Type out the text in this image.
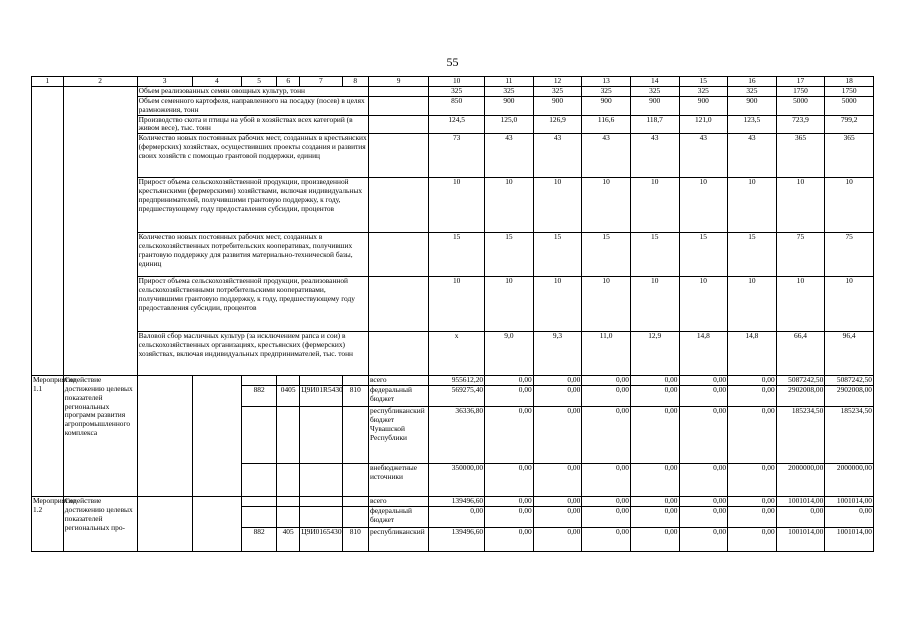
55
1	2	3	4	5	6	7	8	9	10	11	12	13	14	15	16	17	18
		Объем реализованных семян овощных культур, тонн							325	325	325	325	325	325	325	1750	1750
		Объем семенного картофеля, направленного на посадку (посев) в целях размножения, тонн							850	900	900	900	900	900	900	5000	5000
		Производство скота и птицы на убой в хозяйствах всех категорий (в живом весе), тыс. тонн							124,5	125,0	126,9	116,6	118,7	121,0	123,5	723,9	799,2
		Количество новых постоянных рабочих мест, созданных в крестьянских (фермерских) хозяйствах, осуществивших проекты создания и развития своих хозяйств с помощью грантовой поддержки, единиц							73	43	43	43	43	43	43	365	365
		Прирост объема сельскохозяйственной продукции, произведенной крестьянскими (фермерскими) хозяйствами, включая индивидуальных предпринимателей, получившими грантовую поддержку, к году, предшествующему году предоставления субсидии, процентов							10	10	10	10	10	10	10	10	10
		Количество новых постоянных рабочих мест, созданных в сельскохозяйственных потребительских кооперативах, получивших грантовую поддержку для развития материально-технической базы, единиц							15	15	15	15	15	15	15	75	75
		Прирост объема сельскохозяйственной продукции, реализованной сельскохозяйственными потребительскими кооперативами, получившими грантовую поддержку, к году, предшествующему году предоставления субсидии, процентов							10	10	10	10	10	10	10	10	10
		Валовой сбор масличных культур (за исключением рапса и сои) в сельскохозяйственных организациях, крестьянских (фермерских) хозяйствах, включая индивидуальных предпринимателей, тыс. тонн							x	9,0	9,3	11,0	12,9	14,8	14,8	66,4	96,4
Мероприятие 1.1	Содействие достижению целевых показателей региональных программ развития агропромышленного комплекса							всего	955612,20	0,00	0,00	0,00	0,00	0,00	0,00	5087242,50	5087242,50
				882	0405	Ц9И01R5430	810	федеральный бюджет	569275,40	0,00	0,00	0,00	0,00	0,00	0,00	2902008,00	2902008,00
								республиканский бюджет Чувашской Республики	36336,80	0,00	0,00	0,00	0,00	0,00	0,00	185234,50	185234,50
								внебюджетные источники	350000,00	0,00	0,00	0,00	0,00	0,00	0,00	2000000,00	2000000,00
Мероприятие 1.2	Содействие достижению целевых показателей региональных про-							всего	139496,60	0,00	0,00	0,00	0,00	0,00	0,00	1001014,00	1001014,00
								федеральный бюджет	0,00	0,00	0,00	0,00	0,00	0,00	0,00	0,00	0,00
				882	405	Ц9И0165430	810	республиканский	139496,60	0,00	0,00	0,00	0,00	0,00	0,00	1001014,00	1001014,00
